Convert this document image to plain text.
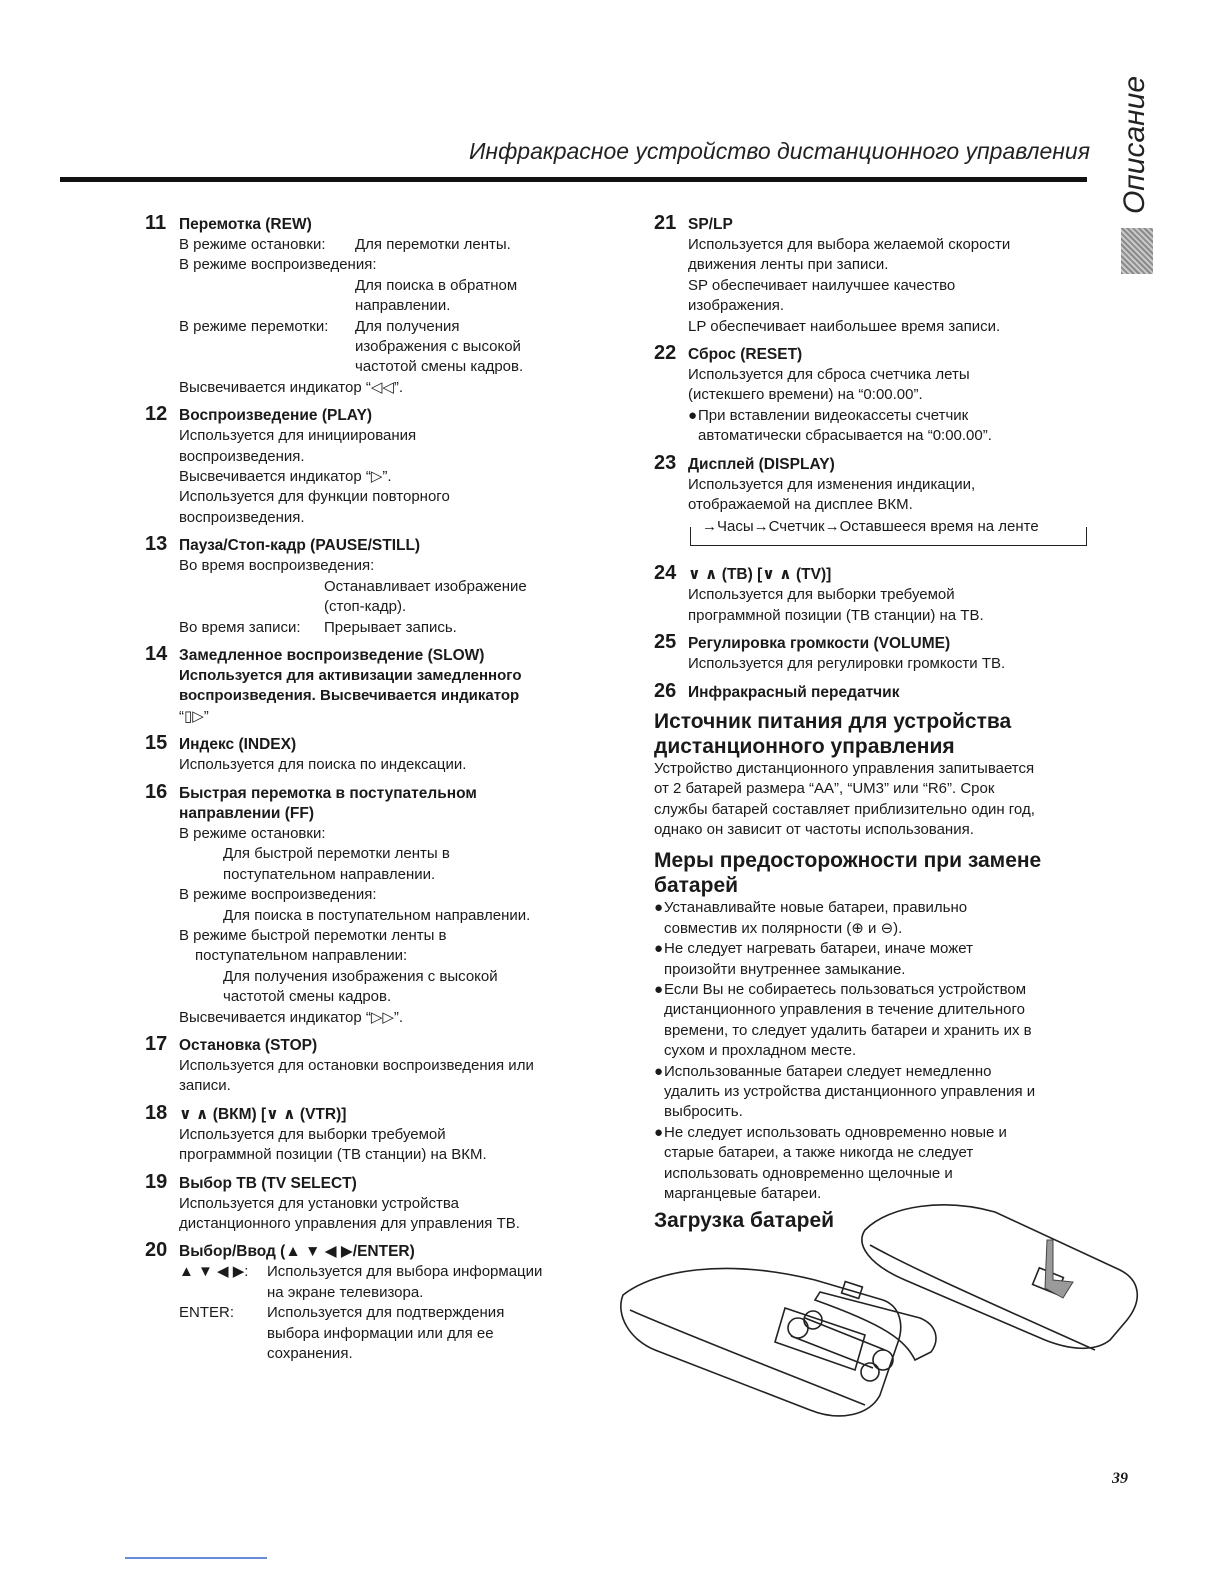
Инфракрасное устройство дистанционного управления Описание
11 Перемотка (REW)
В режиме остановки:	Для перемотки ленты.
В режиме воспроизведения:
Для поиска в обратном
направлении.
В режиме перемотки:	Для получения
изображения с высокой
частотой смены кадров.
Высвечивается индикатор “◁◁”.
12 Воспроизведение (PLAY)
Используется для инициирования
воспроизведения.
Высвечивается индикатор “▷”.
Используется для функции повторного
воспроизведения.
13 Пауза/Стоп-кадр (PAUSE/STILL)
Во время воспроизведения:
Останавливает изображение
(стоп-кадр).
Во время записи:	Прерывает запись.
14 Замедленное воспроизведение (SLOW)
Используется для активизации замедленного
воспроизведения. Высвечивается индикатор
“▯▷”
15 Индекс (INDEX)
Используется для поиска по индексации.
16 Быстрая перемотка в поступательном
направлении (FF)
В режиме остановки:
Для быстрой перемотки ленты в
поступательном направлении.
В режиме воспроизведения:
Для поиска в поступательном направлении.
В режиме быстрой перемотки ленты в
поступательном направлении:
Для получения изображения с высокой
частотой смены кадров.
Высвечивается индикатор “▷▷”.
17 Остановка (STOP)
Используется для остановки воспроизведения или
записи.
18 ∨ ∧ (ВКМ) [∨ ∧ (VTR)]
Используется для выборки требуемой
программной позиции (ТВ станции) на ВКМ.
19 Выбор ТВ (TV SELECT)
Используется для установки устройства
дистанционного управления для управления ТВ.
20 Выбор/Ввод (▲ ▼ ◀ ▶/ENTER)
▲ ▼ ◀ ▶:	Используется для выбора информации
на экране телевизора.
ENTER:	Используется для подтверждения
выбора информации или для ее
сохранения.
21 SP/LP
Используется для выбора желаемой скорости
движения ленты при записи.
SP обеспечивает наилучшее качество
изображения.
LP обеспечивает наибольшее время записи.
22 Сброс (RESET)
Используется для сброса счетчика леты
(истекшего времени) на “0:00.00”.
● При вставлении видеокассеты счетчик
автоматически сбрасывается на “0:00.00”.
23 Дисплей (DISPLAY)
Используется для изменения индикации,
отображаемой на дисплее ВКМ.
→Часы→Счетчик→Оставшееся время на ленте
24 ∨ ∧ (ТВ) [∨ ∧ (TV)]
Используется для выборки требуемой
программной позиции (ТВ станции) на ТВ.
25 Регулировка громкости (VOLUME)
Используется для регулировки громкости ТВ.
26 Инфракрасный передатчик
Источник питания для устройства
дистанционного управления
Устройство дистанционного управления запитывается
от 2 батарей размера “AA”, “UM3” или “R6”. Срок
службы батарей составляет приблизительно один год,
однако он зависит от частоты использования.
Меры предосторожности при замене
батарей
● Устанавливайте новые батареи, правильно
совместив их полярности (⊕ и ⊖).
● Не следует нагревать батареи, иначе может
произойти внутреннее замыкание.
● Если Вы не собираетесь пользоваться устройством
дистанционного управления в течение длительного
времени, то следует удалить батареи и хранить их в
сухом и прохладном месте.
● Использованные батареи следует немедленно
удалить из устройства дистанционного управления и
выбросить.
● Не следует использовать одновременно новые и
старые батареи, а также никогда не следует
использовать одновременно щелочные и
марганцевые батареи.
Загрузка батарей
39
